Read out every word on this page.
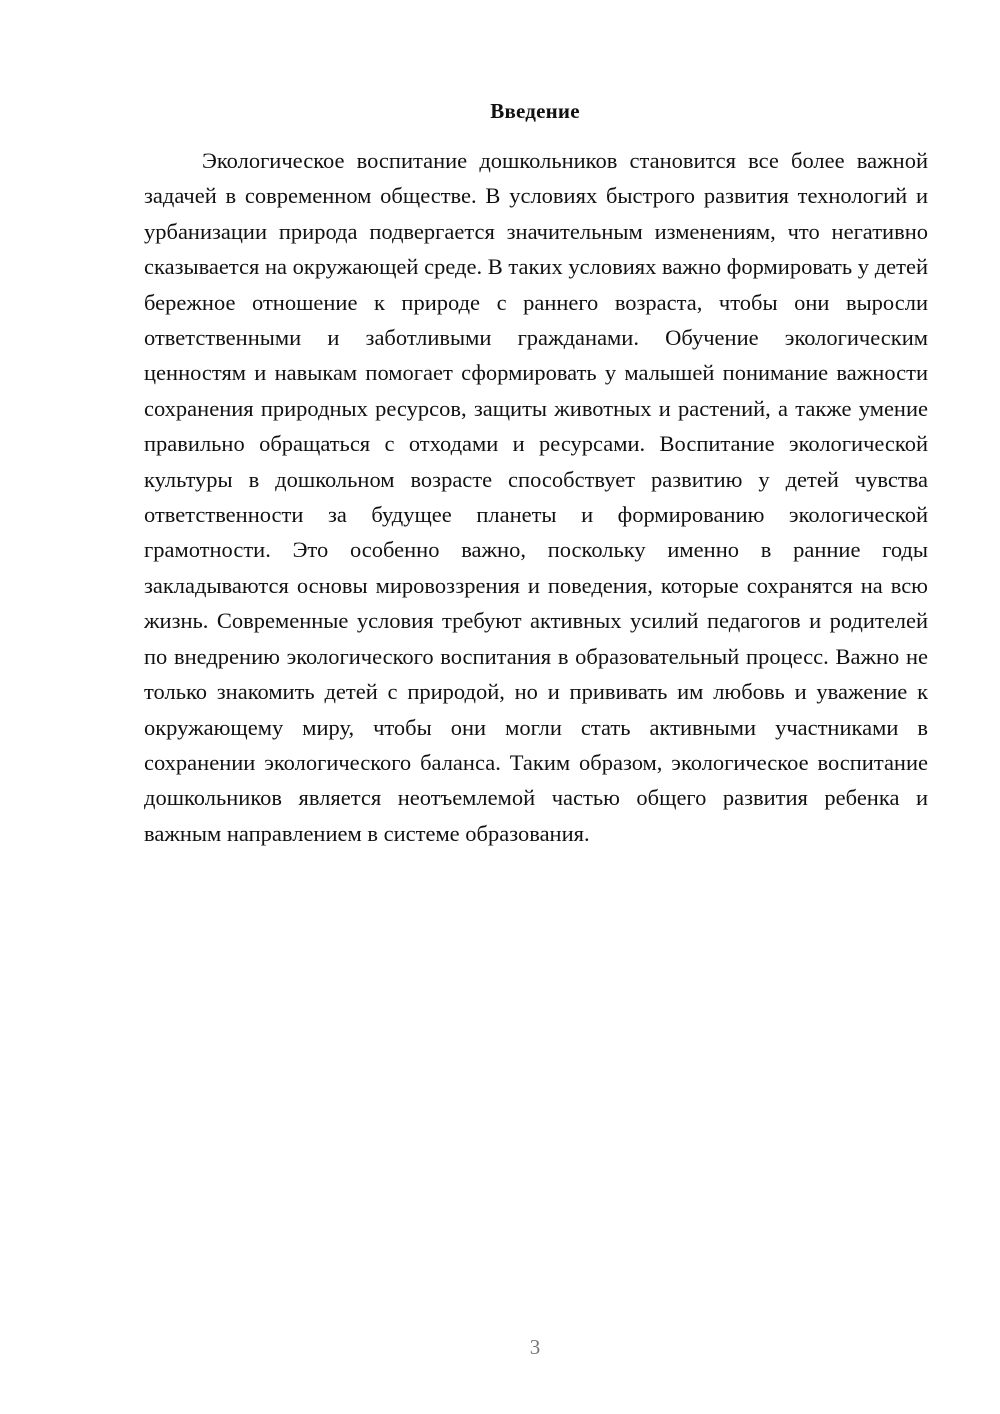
Введение

Экологическое воспитание дошкольников становится все более важной задачей в современном обществе. В условиях быстрого развития технологий и урбанизации природа подвергается значительным изменениям, что негативно сказывается на окружающей среде. В таких условиях важно формировать у детей бережное отношение к природе с раннего возраста, чтобы они выросли ответственными и заботливыми гражданами. Обучение экологическим ценностям и навыкам помогает сформировать у малышей понимание важности сохранения природных ресурсов, защиты животных и растений, а также умение правильно обращаться с отходами и ресурсами. Воспитание экологической культуры в дошкольном возрасте способствует развитию у детей чувства ответственности за будущее планеты и формированию экологической грамотности. Это особенно важно, поскольку именно в ранние годы закладываются основы мировоззрения и поведения, которые сохранятся на всю жизнь. Современные условия требуют активных усилий педагогов и родителей по внедрению экологического воспитания в образовательный процесс. Важно не только знакомить детей с природой, но и прививать им любовь и уважение к окружающему миру, чтобы они могли стать активными участниками в сохранении экологического баланса. Таким образом, экологическое воспитание дошкольников является неотъемлемой частью общего развития ребенка и важным направлением в системе образования.

3
